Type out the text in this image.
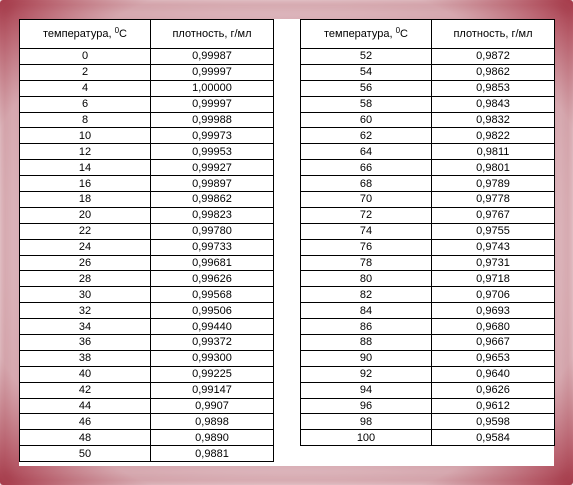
температура, $^0$С	плотность, г/мл
0	0,99987
2	0,99997
4	1,00000
6	0,99997
8	0,99988
10	0,99973
12	0,99953
14	0,99927
16	0,99897
18	0,99862
20	0,99823
22	0,99780
24	0,99733
26	0,99681
28	0,99626
30	0,99568
32	0,99506
34	0,99440
36	0,99372
38	0,99300
40	0,99225
42	0,99147
44	0,9907
46	0,9898
48	0,9890
50	0,9881
температура, $^0$С	плотность, г/мл
52	0,9872
54	0,9862
56	0,9853
58	0,9843
60	0,9832
62	0,9822
64	0,9811
66	0,9801
68	0,9789
70	0,9778
72	0,9767
74	0,9755
76	0,9743
78	0,9731
80	0,9718
82	0,9706
84	0,9693
86	0,9680
88	0,9667
90	0,9653
92	0,9640
94	0,9626
96	0,9612
98	0,9598
100	0,9584
